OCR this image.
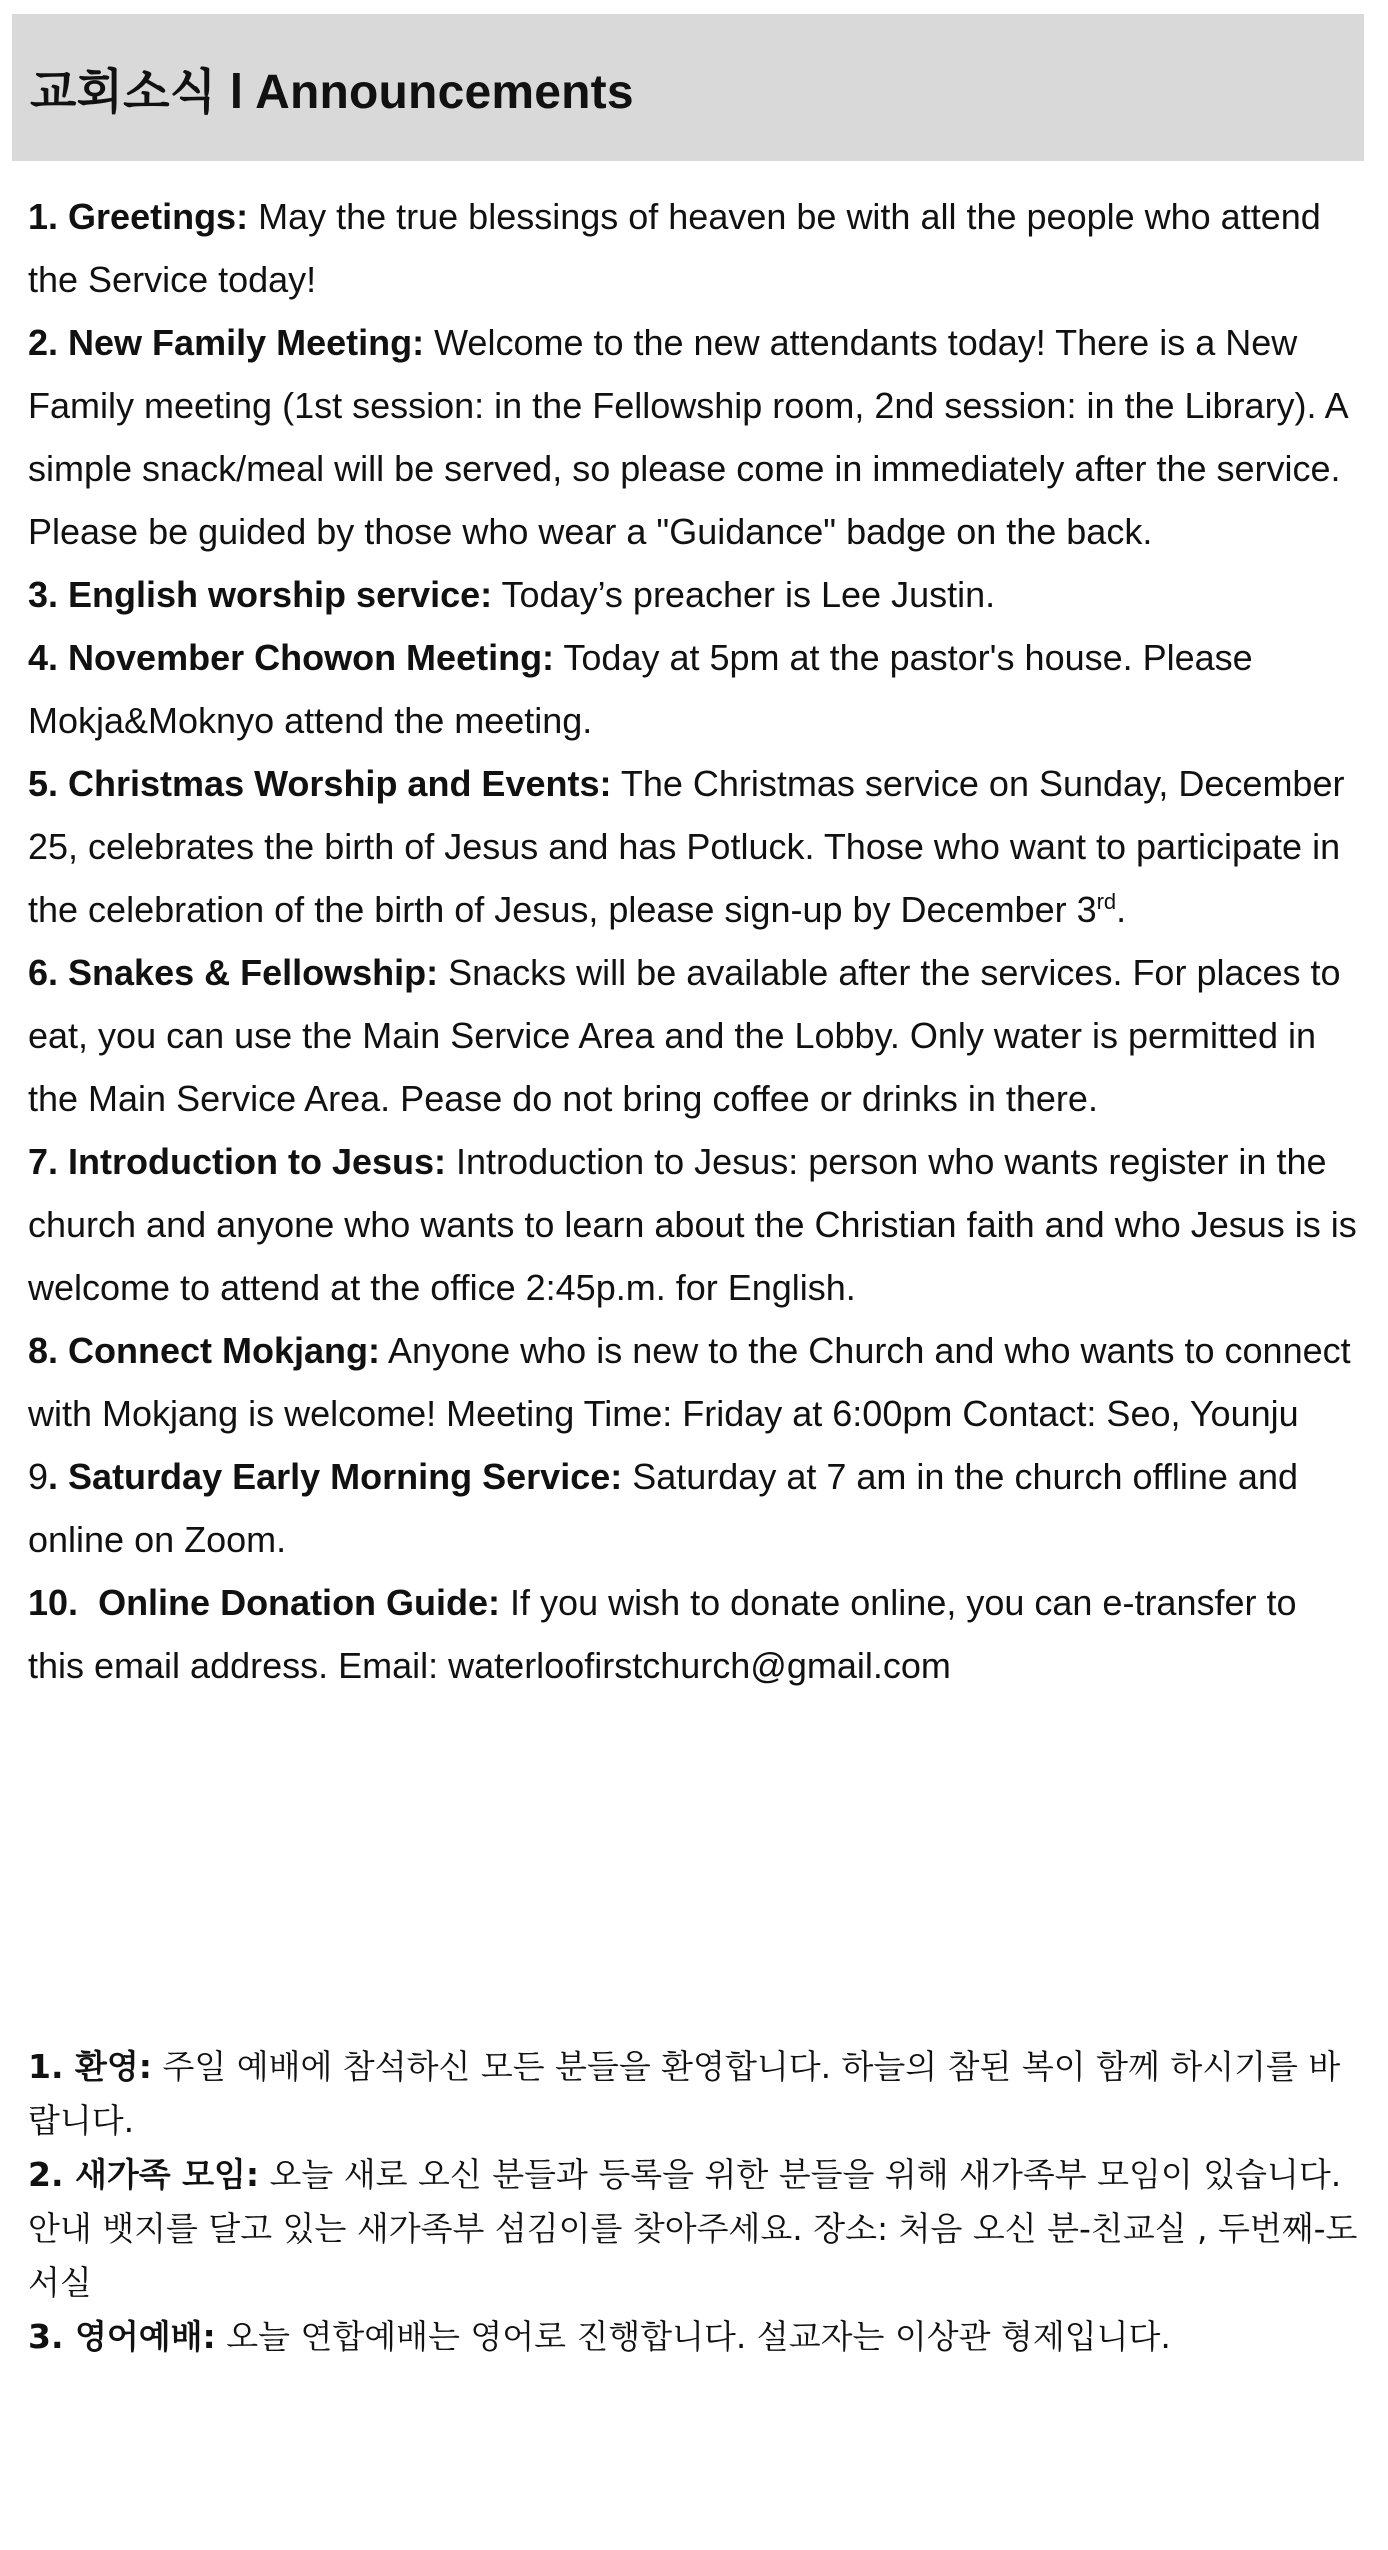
교회소식 l Announcements

1. Greetings: May the true blessings of heaven be with all the people who attend the Service today!

2. New Family Meeting: Welcome to the new attendants today! There is a New Family meeting (1st session: in the Fellowship room, 2nd session: in the Library). A simple snack/meal will be served, so please come in immediately after the service. Please be guided by those who wear a "Guidance" badge on the back.

3. English worship service: Today’s preacher is Lee Justin.

4. November Chowon Meeting: Today at 5pm at the pastor's house. Please Mokja&Moknyo attend the meeting.

5. Christmas Worship and Events: The Christmas service on Sunday, December 25, celebrates the birth of Jesus and has Potluck. Those who want to participate in the celebration of the birth of Jesus, please sign-up by December 3rd.

6. Snakes & Fellowship: Snacks will be available after the services. For places to eat, you can use the Main Service Area and the Lobby. Only water is permitted in the Main Service Area. Pease do not bring coffee or drinks in there.

7. Introduction to Jesus: Introduction to Jesus: person who wants register in the church and anyone who wants to learn about the Christian faith and who Jesus is is welcome to attend at the office 2:45p.m. for English.

8. Connect Mokjang: Anyone who is new to the Church and who wants to connect with Mokjang is welcome! Meeting Time: Friday at 6:00pm Contact: Seo, Younju

9. Saturday Early Morning Service: Saturday at 7 am in the church offline and online on Zoom.

10.  Online Donation Guide: If you wish to donate online, you can e-transfer to this email address. Email: waterloofirstchurch@gmail.com

1. 환영: 주일 예배에 참석하신 모든 분들을 환영합니다. 하늘의 참된 복이 함께 하시기를 바랍니다.

2. 새가족 모임: 오늘 새로 오신 분들과 등록을 위한 분들을 위해 새가족부 모임이 있습니다. 안내 뱃지를 달고 있는 새가족부 섬김이를 찾아주세요. 장소: 처음 오신 분-친교실 , 두번째-도서실

3. 영어예배: 오늘 연합예배는 영어로 진행합니다. 설교자는 이상관 형제입니다.
